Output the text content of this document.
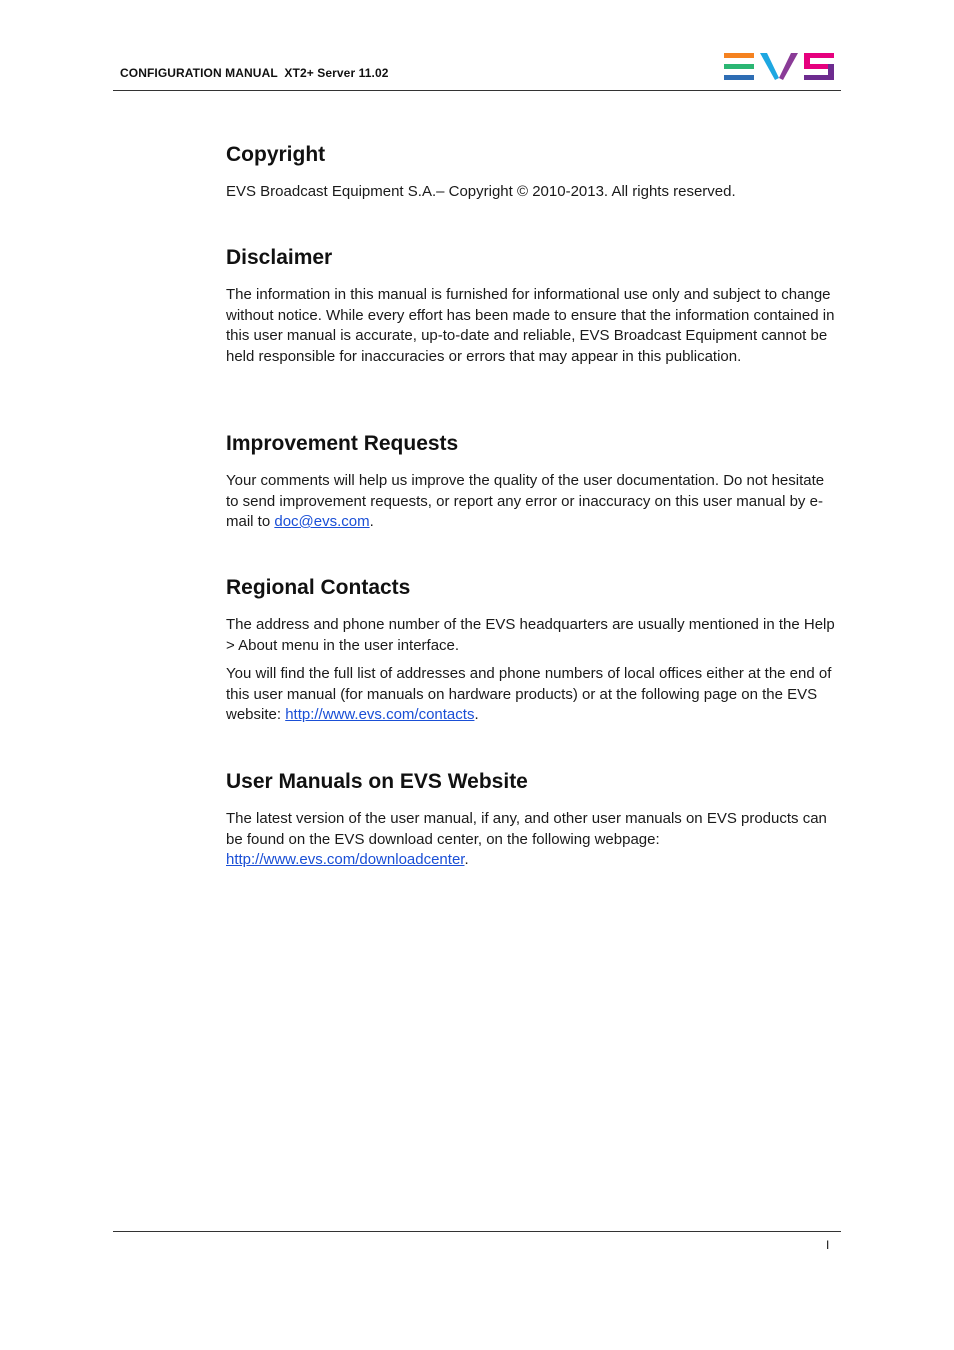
CONFIGURATION MANUAL  XT2+ Server 11.02
Copyright

EVS Broadcast Equipment S.A.– Copyright © 2010-2013. All rights reserved.

Disclaimer

The information in this manual is furnished for informational use only and subject to change without notice. While every effort has been made to ensure that the information contained in this user manual is accurate, up-to-date and reliable, EVS Broadcast Equipment cannot be held responsible for inaccuracies or errors that may appear in this publication.

Improvement Requests

Your comments will help us improve the quality of the user documentation. Do not hesitate to send improvement requests, or report any error or inaccuracy on this user manual by e-mail to doc@evs.com.

Regional Contacts

The address and phone number of the EVS headquarters are usually mentioned in the Help > About menu in the user interface.

You will find the full list of addresses and phone numbers of local offices either at the end of this user manual (for manuals on hardware products) or at the following page on the EVS website: http://www.evs.com/contacts.

User Manuals on EVS Website

The latest version of the user manual, if any, and other user manuals on EVS products can be found on the EVS download center, on the following webpage: http://www.evs.com/downloadcenter.

I
